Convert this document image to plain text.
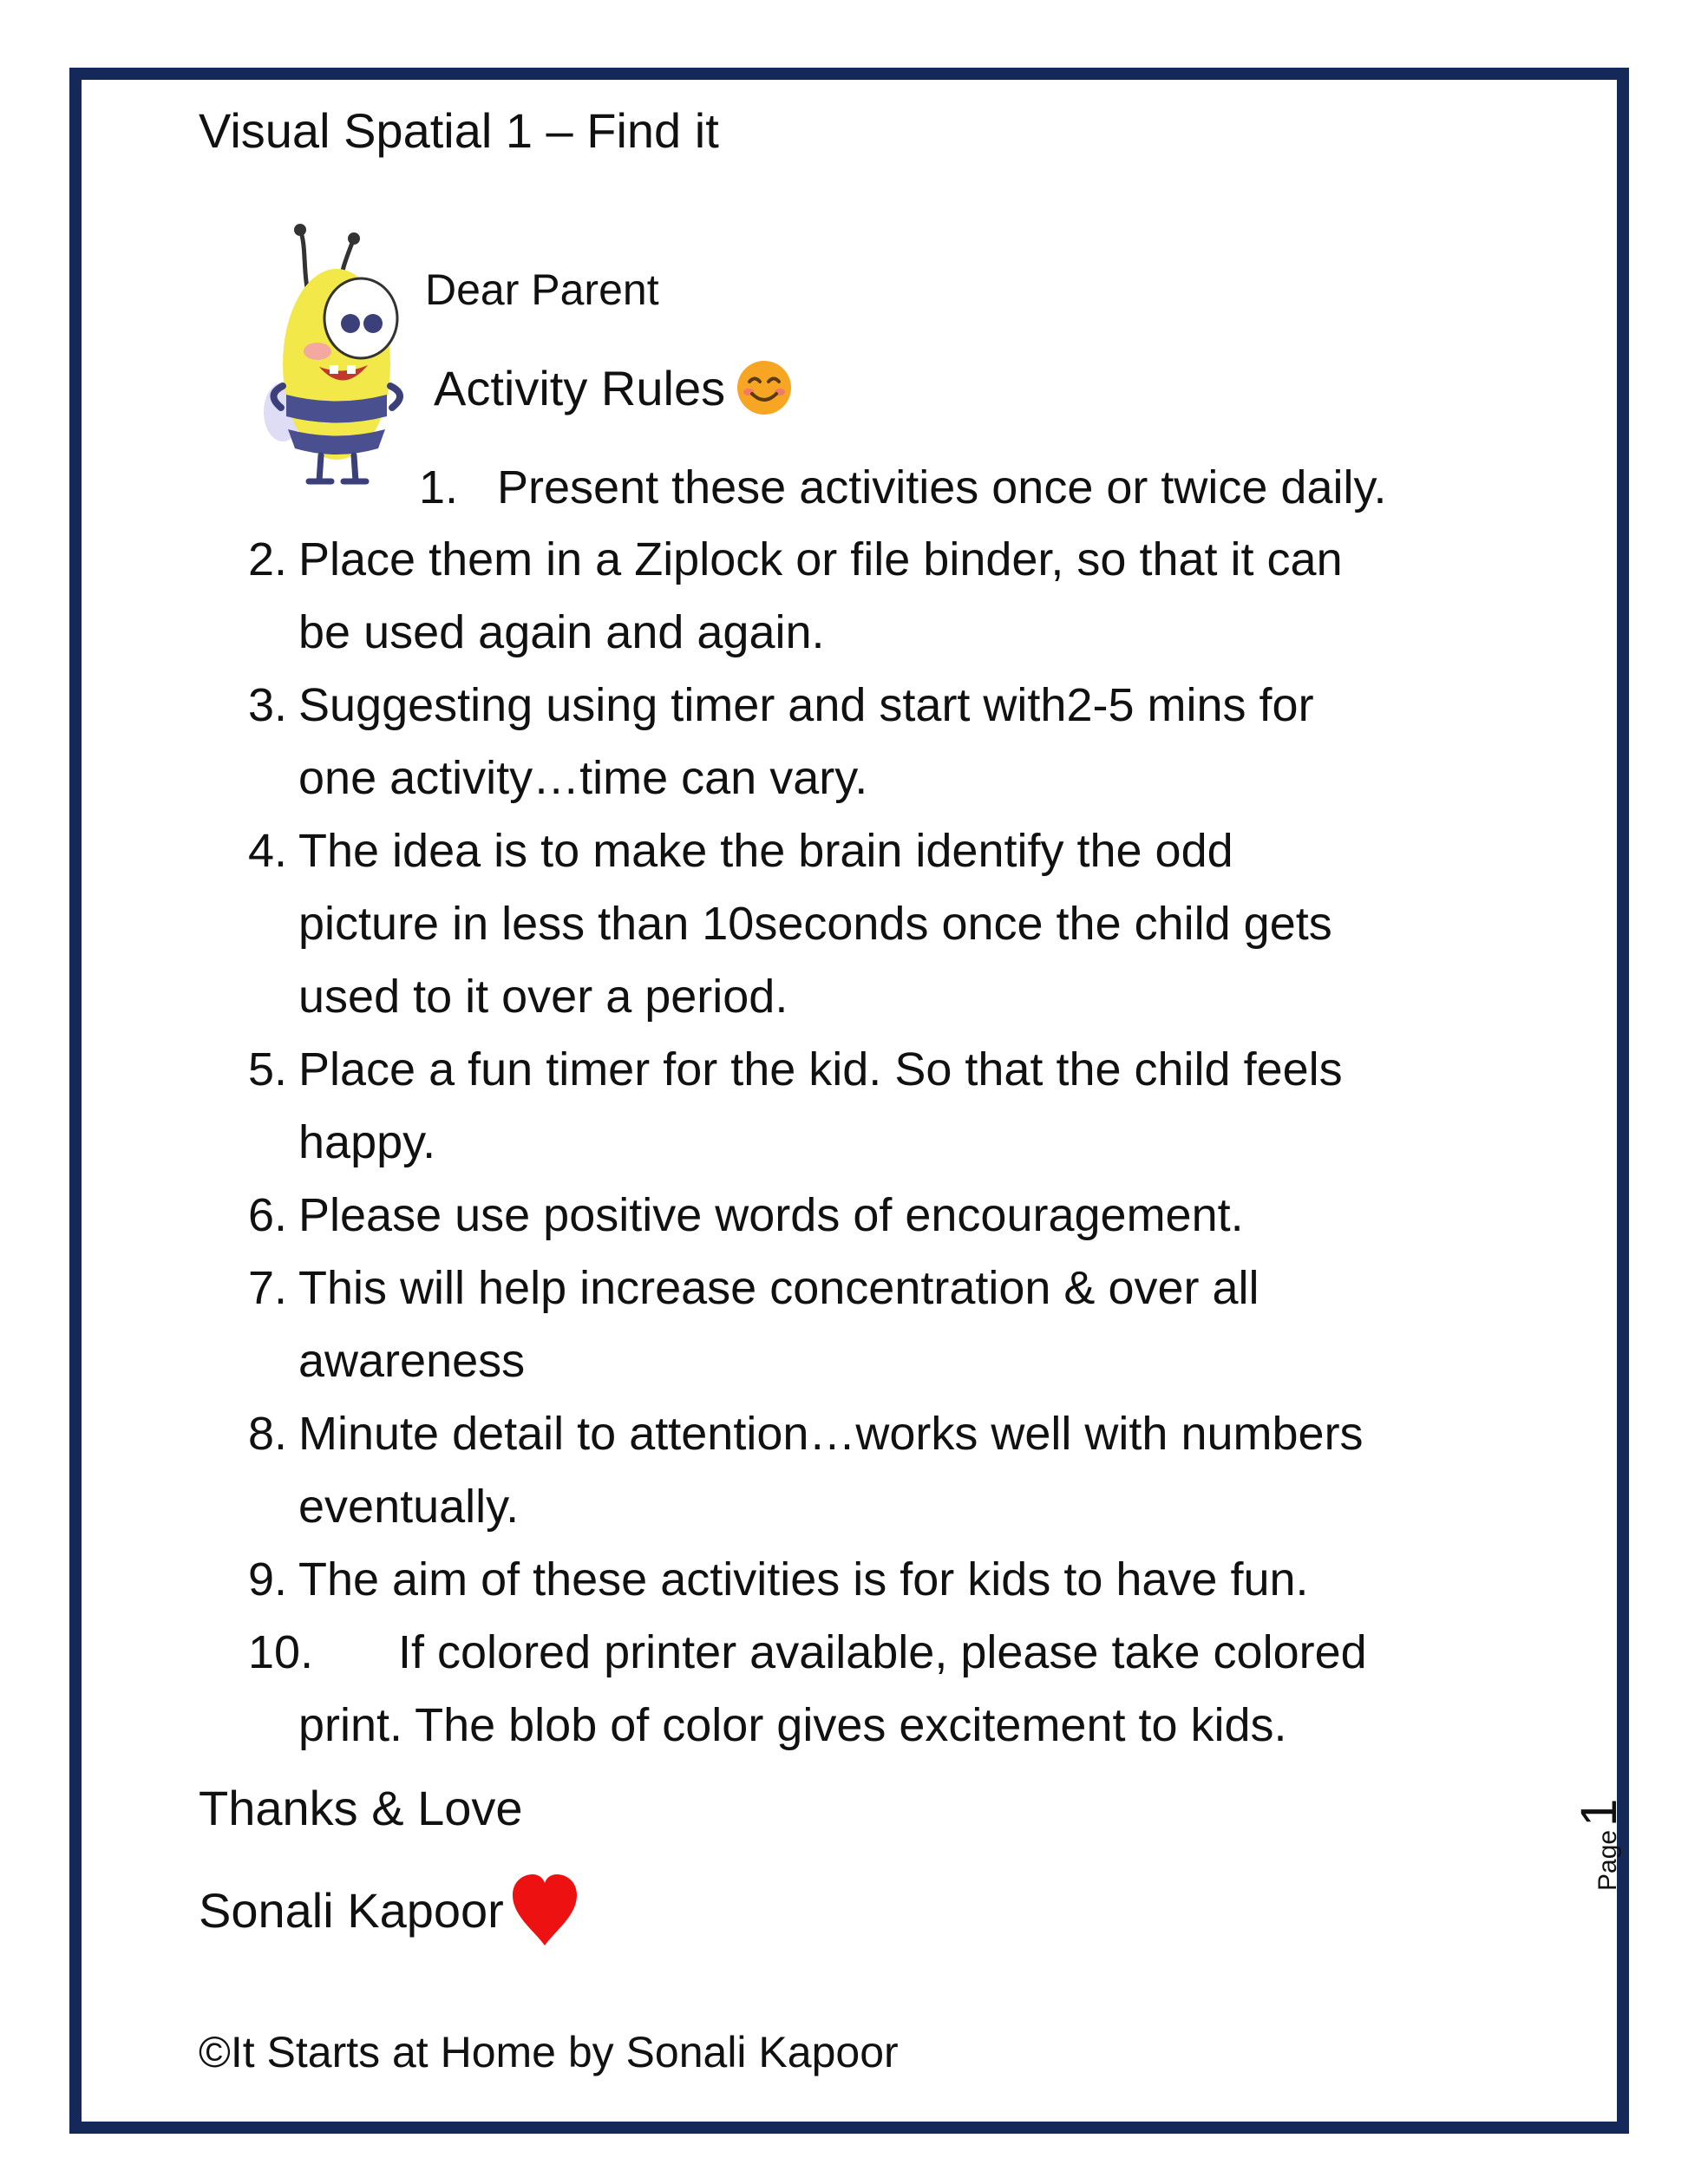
Visual Spatial 1 – Find it
Dear Parent
Activity Rules
1. Present these activities once or twice daily.
2. Place them in a Ziplock or file binder, so that it can
be used again and again.
3. Suggesting using timer and start with2-5 mins for
one activity…time can vary.
4. The idea is to make the brain identify the odd
picture in less than 10seconds once the child gets
used to it over a period.
5. Place a fun timer for the kid. So that the child feels
happy.
6. Please use positive words of encouragement.
7. This will help increase concentration & over all
awareness
8. Minute detail to attention…works well with numbers
eventually.
9. The aim of these activities is for kids to have fun.
10. If colored printer available, please take colored
print. The blob of color gives excitement to kids.
Thanks & Love
Sonali Kapoor
Page
1
©It Starts at Home by Sonali Kapoor
